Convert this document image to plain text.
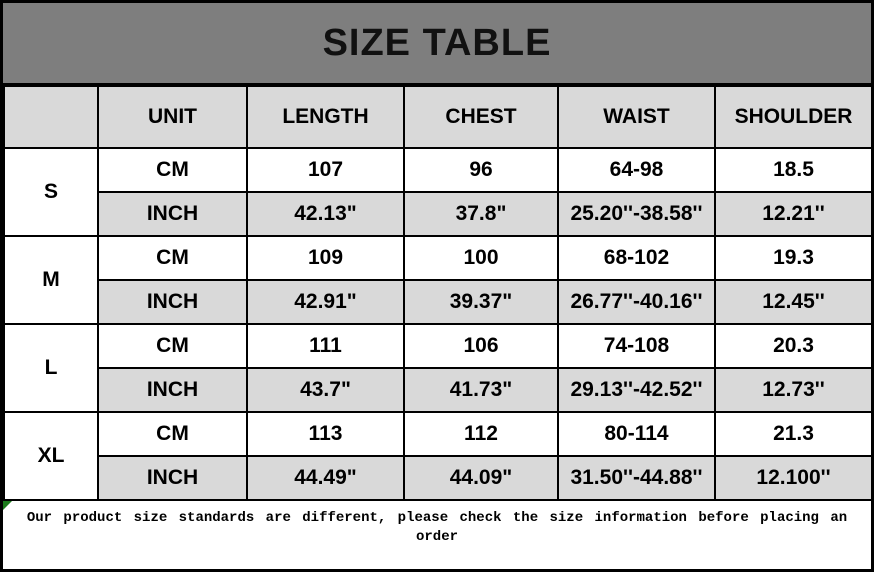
SIZE TABLE
	UNIT	LENGTH	CHEST	WAIST	SHOULDER
S	CM	107	96	64-98	18.5
	INCH	42.13"	37.8"	25.20''-38.58''	12.21''
M	CM	109	100	68-102	19.3
	INCH	42.91"	39.37"	26.77''-40.16''	12.45''
L	CM	111	106	74-108	20.3
	INCH	43.7"	41.73"	29.13''-42.52''	12.73''
XL	CM	113	112	80-114	21.3
	INCH	44.49"	44.09"	31.50''-44.88''	12.100''
Our product size standards are different, please check the size information before placing an
order
